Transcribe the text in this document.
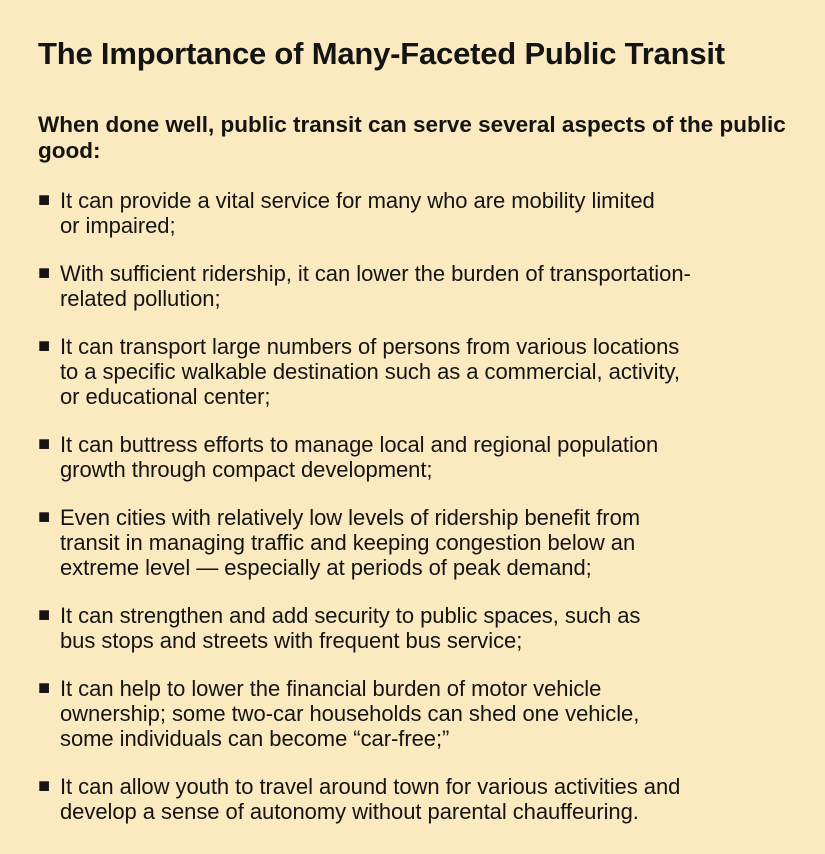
The Importance of Many-Faceted Public Transit

When done well, public transit can serve several aspects of the public good:

■ It can provide a vital service for many who are mobility limited
or impaired;
■ With sufficient ridership, it can lower the burden of transportation-
related pollution;
■ It can transport large numbers of persons from various locations
to a specific walkable destination such as a commercial, activity,
or educational center;
■ It can buttress efforts to manage local and regional population
growth through compact development;
■ Even cities with relatively low levels of ridership benefit from
transit in managing traffic and keeping congestion below an
extreme level — especially at periods of peak demand;
■ It can strengthen and add security to public spaces, such as
bus stops and streets with frequent bus service;
■ It can help to lower the financial burden of motor vehicle
ownership; some two-car households can shed one vehicle,
some individuals can become “car-free;”
■ It can allow youth to travel around town for various activities and
develop a sense of autonomy without parental chauffeuring.
